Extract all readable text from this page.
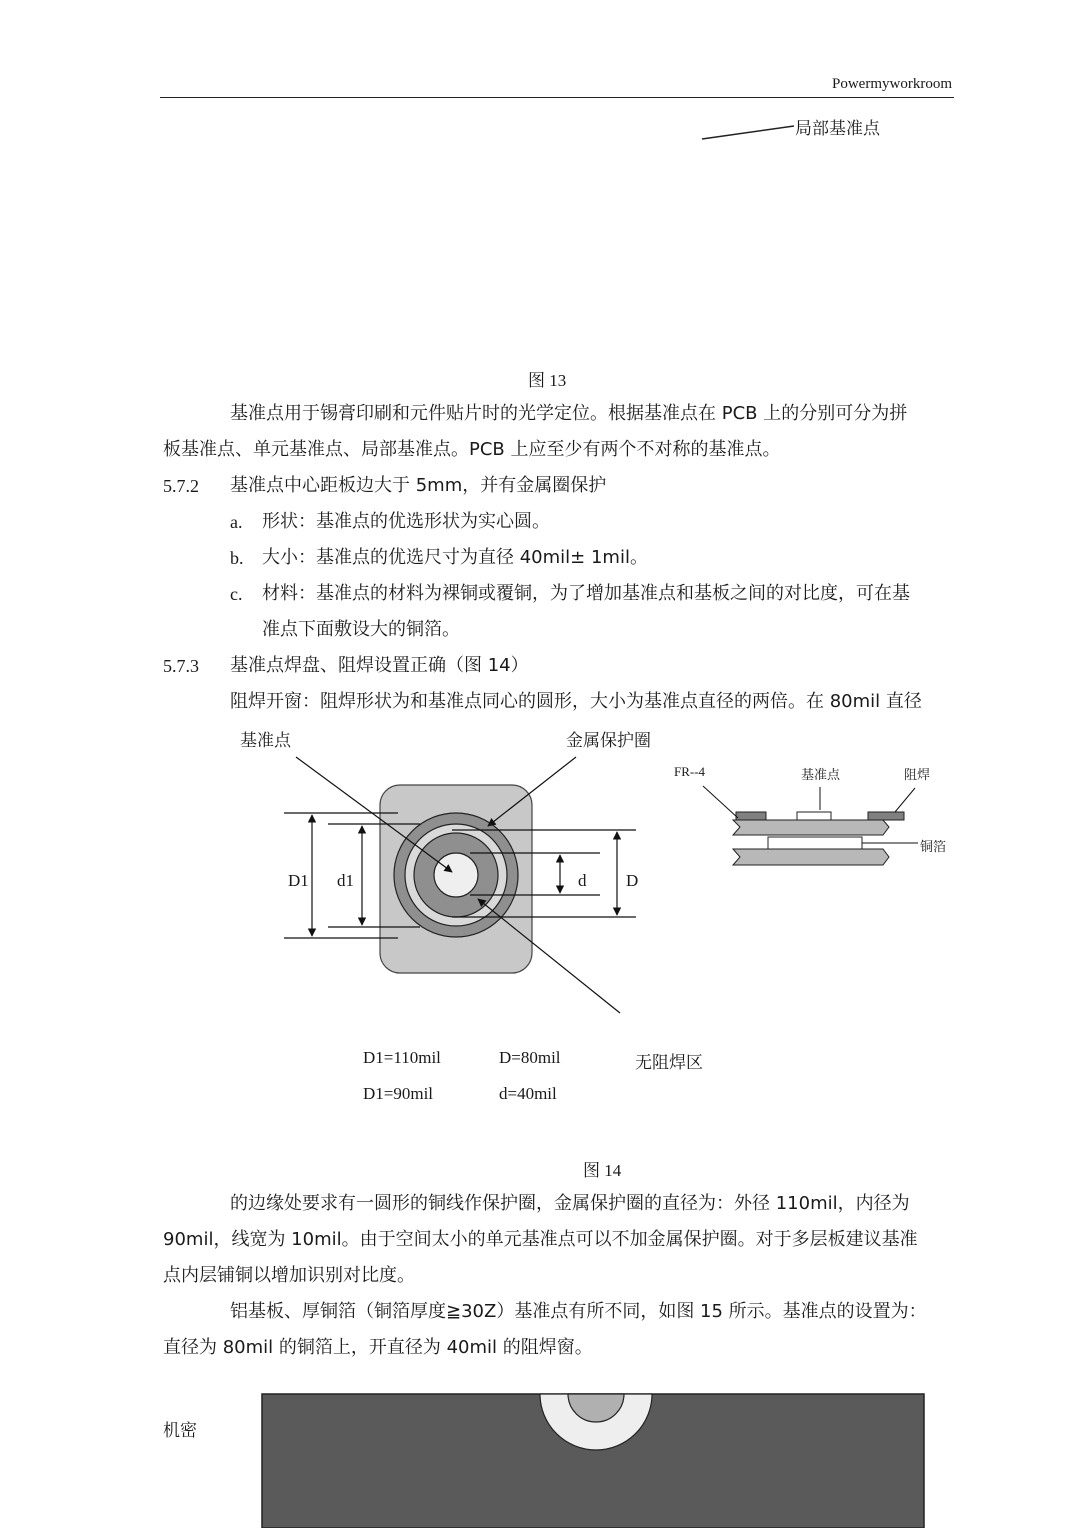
Powermyworkroom
局部基准点
图 13
基准点用于锡膏印刷和元件贴片时的光学定位。根据基准点在 PCB 上的分别可分为拼
板基准点、单元基准点、局部基准点。PCB 上应至少有两个不对称的基准点。
5.7.2 基准点中心距板边大于 5mm，并有金属圈保护
a. 形状：基准点的优选形状为实心圆。
b. 大小：基准点的优选尺寸为直径 40mil± 1mil。
c. 材料：基准点的材料为裸铜或覆铜，为了增加基准点和基板之间的对比度，可在基
准点下面敷设大的铜箔。
5.7.3 基准点焊盘、阻焊设置正确（图 14）
阻焊开窗：阻焊形状为和基准点同心的圆形，大小为基准点直径的两倍。在 80mil 直径
基准点	金属保护圈
D1 d1	d D
FR--4	基准点	阻焊
铜箔
D1=110mil	D=80mil	无阻焊区
D1=90mil	d=40mil
图 14
的边缘处要求有一圆形的铜线作保护圈，金属保护圈的直径为：外径 110mil，内径为
90mil，线宽为 10mil。由于空间太小的单元基准点可以不加金属保护圈。对于多层板建议基准
点内层铺铜以增加识别对比度。
铝基板、厚铜箔（铜箔厚度≧30Z）基准点有所不同，如图 15 所示。基准点的设置为：
直径为 80mil 的铜箔上，开直径为 40mil 的阻焊窗。
机密
